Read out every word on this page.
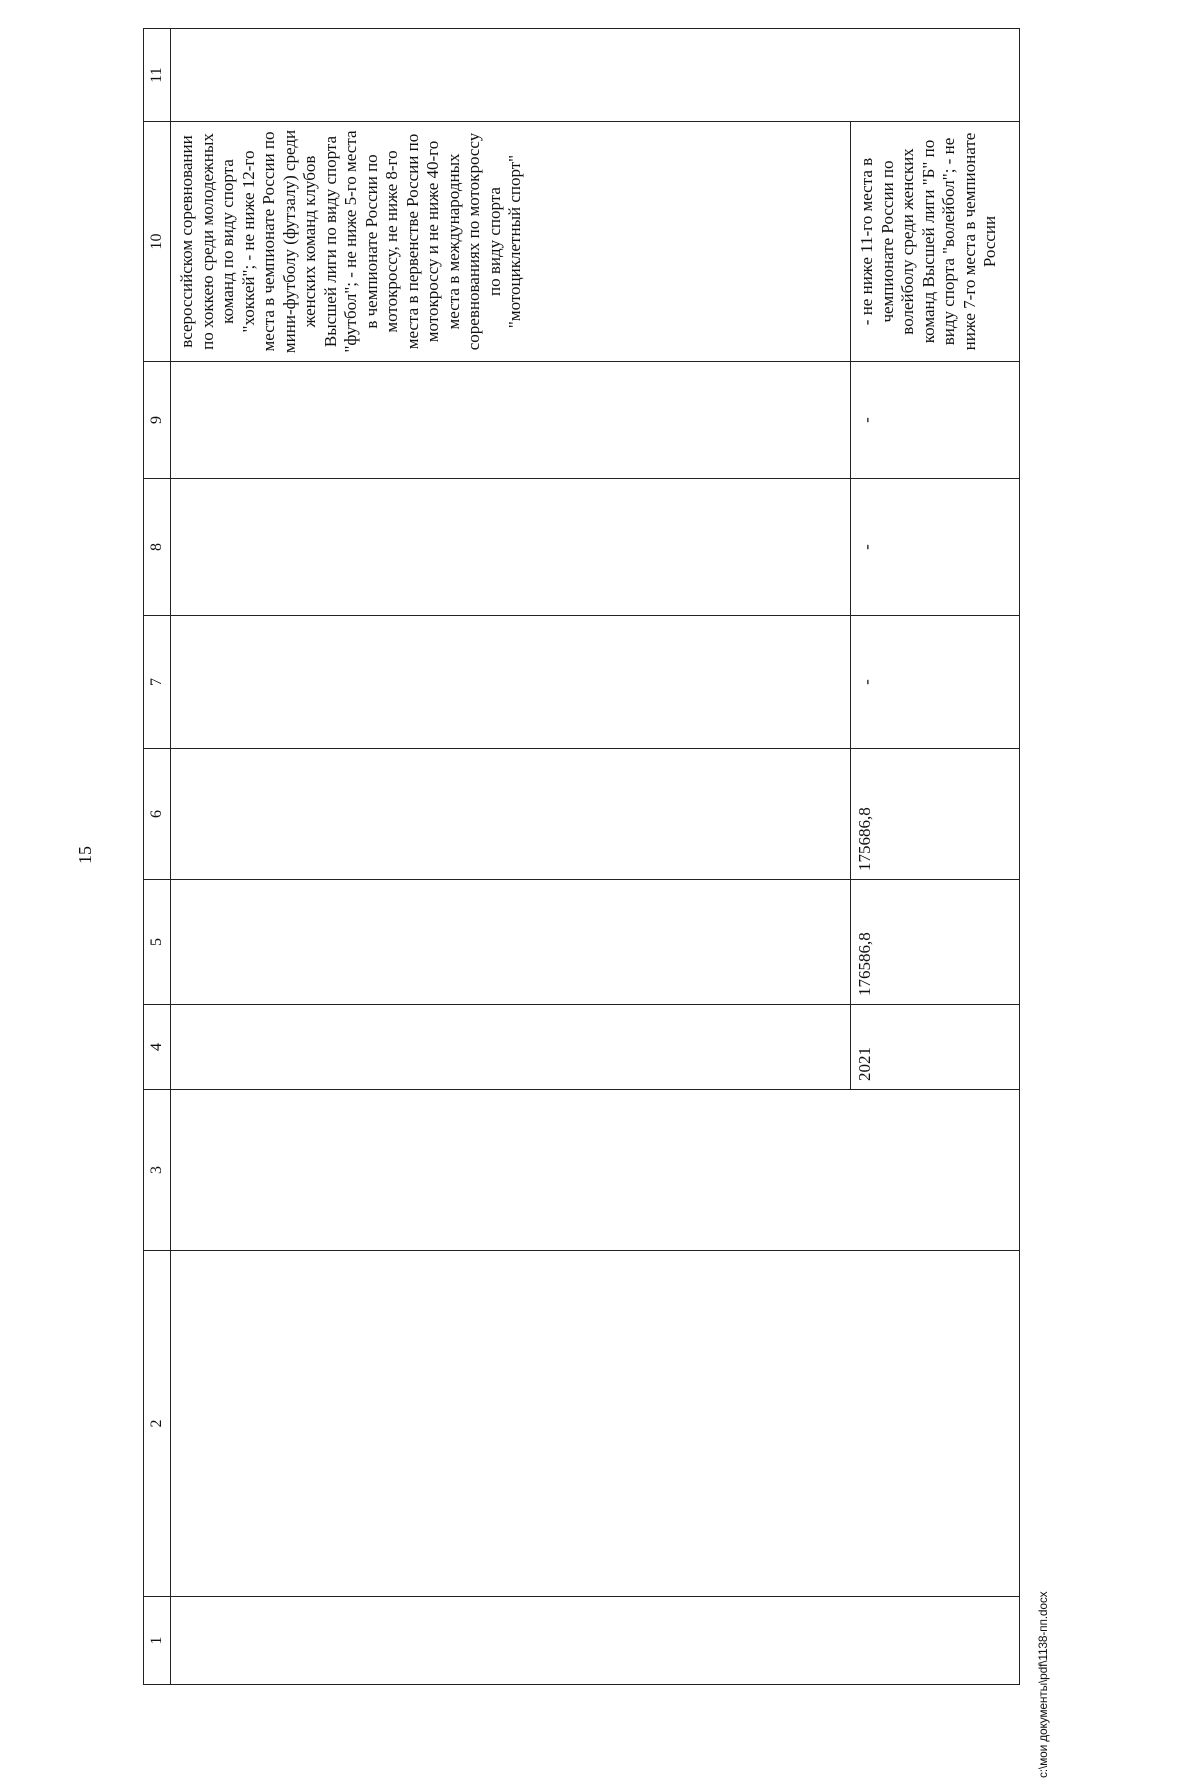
15
1	2	3	4	5	6	7	8	9	10	11

									всероссийском соревновании по хоккею среди молодежных команд по виду спорта "хоккей"; - не ниже 12-го места в чемпионате России по мини-футболу (футзалу) среди женских команд клубов Высшей лиги по виду спорта "футбол"; - не ниже 5-го места в чемпионате России по мотокроссу, не ниже 8-го места в первенстве России по мотокроссу и не ниже 40-го места в международных соревнованиях по мотокроссу по виду спорта "мотоциклетный спорт"	

			2021	176586,8	175686,8	-	-	-	- не ниже 11-го места в чемпионате России по волейболу среди женских команд Высшей лиги "Б" по виду спорта "волейбол"; - не ниже 7-го места в чемпионате России	
c:\мои документы\pdf\1138-пп.docx
